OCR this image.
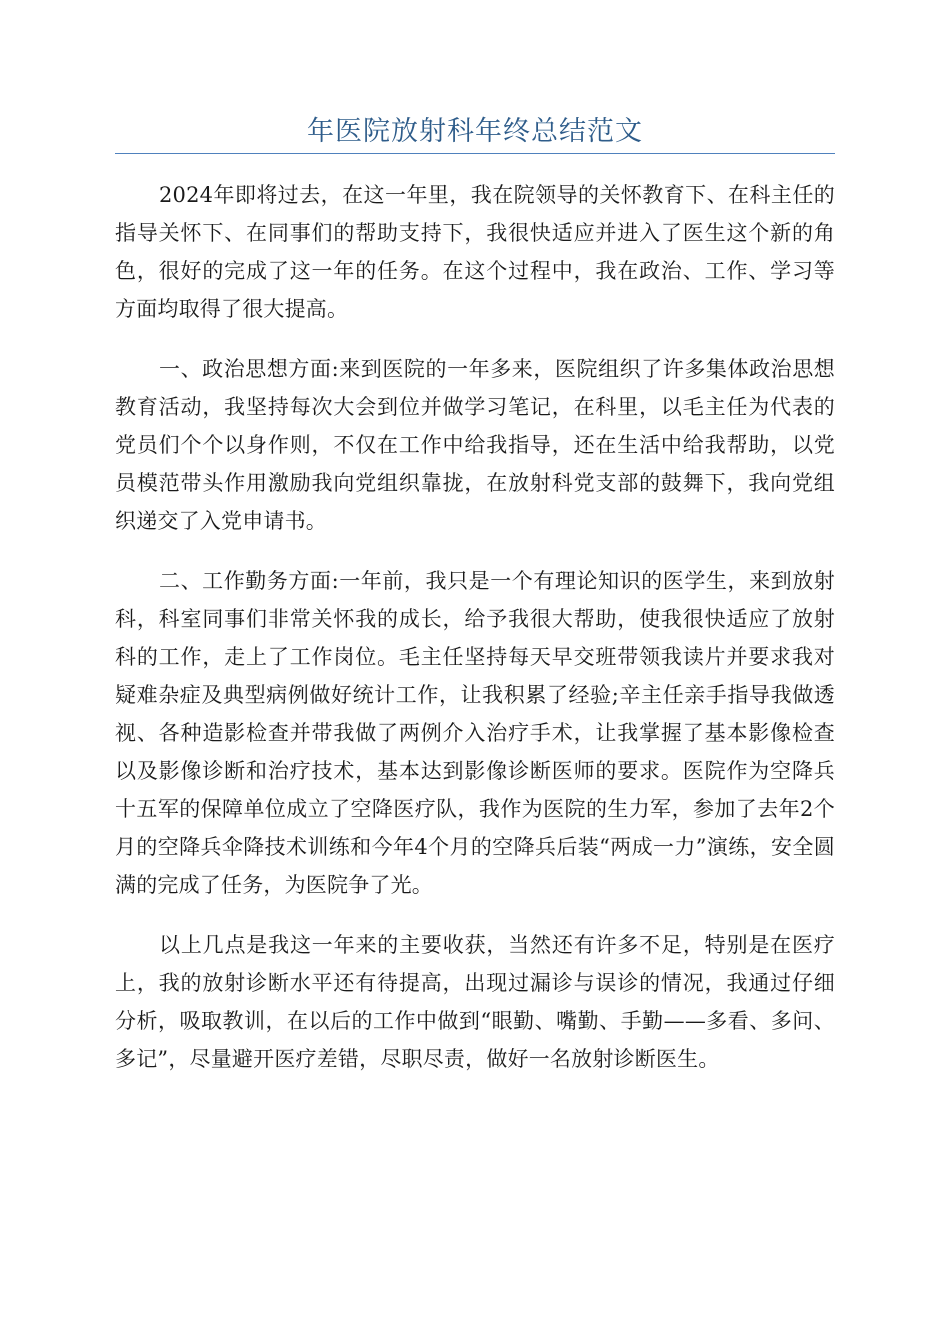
年医院放射科年终总结范文

2024年即将过去，在这一年里，我在院领导的关怀教育下、在科主任的指导关怀下、在同事们的帮助支持下，我很快适应并进入了医生这个新的角色，很好的完成了这一年的任务。在这个过程中，我在政治、工作、学习等方面均取得了很大提高。

一、政治思想方面:来到医院的一年多来，医院组织了许多集体政治思想教育活动，我坚持每次大会到位并做学习笔记，在科里，以毛主任为代表的党员们个个以身作则，不仅在工作中给我指导，还在生活中给我帮助，以党员模范带头作用激励我向党组织靠拢，在放射科党支部的鼓舞下，我向党组织递交了入党申请书。

二、工作勤务方面:一年前，我只是一个有理论知识的医学生，来到放射科，科室同事们非常关怀我的成长，给予我很大帮助，使我很快适应了放射科的工作，走上了工作岗位。毛主任坚持每天早交班带领我读片并要求我对疑难杂症及典型病例做好统计工作，让我积累了经验;辛主任亲手指导我做透视、各种造影检查并带我做了两例介入治疗手术，让我掌握了基本影像检查以及影像诊断和治疗技术，基本达到影像诊断医师的要求。医院作为空降兵十五军的保障单位成立了空降医疗队，我作为医院的生力军，参加了去年2个月的空降兵伞降技术训练和今年4个月的空降兵后装“两成一力”演练，安全圆满的完成了任务，为医院争了光。

以上几点是我这一年来的主要收获，当然还有许多不足，特别是在医疗上，我的放射诊断水平还有待提高，出现过漏诊与误诊的情况，我通过仔细分析，吸取教训，在以后的工作中做到“眼勤、嘴勤、手勤——多看、多问、多记”，尽量避开医疗差错，尽职尽责，做好一名放射诊断医生。
